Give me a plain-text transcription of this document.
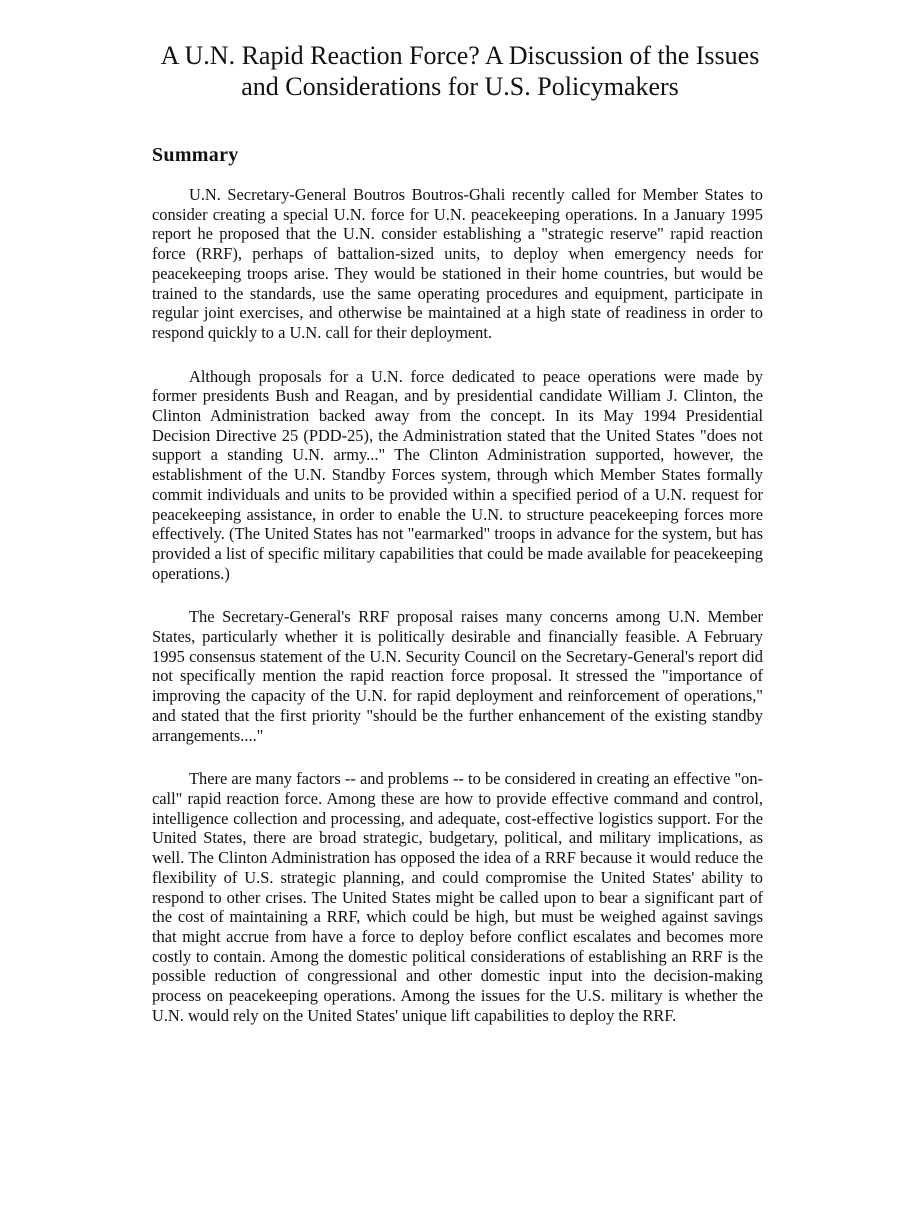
A U.N. Rapid Reaction Force? A Discussion of the Issues
and Considerations for U.S. Policymakers
Summary

U.N. Secretary-General Boutros Boutros-Ghali recently called for Member States to consider creating a special U.N. force for U.N. peacekeeping operations. In a January 1995 report he proposed that the U.N. consider establishing a "strategic reserve" rapid reaction force (RRF), perhaps of battalion-sized units, to deploy when emergency needs for peacekeeping troops arise. They would be stationed in their home countries, but would be trained to the standards, use the same operating procedures and equipment, participate in regular joint exercises, and otherwise be maintained at a high state of readiness in order to respond quickly to a U.N. call for their deployment.

Although proposals for a U.N. force dedicated to peace operations were made by former presidents Bush and Reagan, and by presidential candidate William J. Clinton, the Clinton Administration backed away from the concept. In its May 1994 Presidential Decision Directive 25 (PDD-25), the Administration stated that the United States "does not support a standing U.N. army..." The Clinton Administration supported, however, the establishment of the U.N. Standby Forces system, through which Member States formally commit individuals and units to be provided within a specified period of a U.N. request for peacekeeping assistance, in order to enable the U.N. to structure peacekeeping forces more effectively. (The United States has not "earmarked" troops in advance for the system, but has provided a list of specific military capabilities that could be made available for peacekeeping operations.)

The Secretary-General's RRF proposal raises many concerns among U.N. Member States, particularly whether it is politically desirable and financially feasible. A February 1995 consensus statement of the U.N. Security Council on the Secretary-General's report did not specifically mention the rapid reaction force proposal. It stressed the "importance of improving the capacity of the U.N. for rapid deployment and reinforcement of operations," and stated that the first priority "should be the further enhancement of the existing standby arrangements...."

There are many factors -- and problems -- to be considered in creating an effective "on-call" rapid reaction force. Among these are how to provide effective command and control, intelligence collection and processing, and adequate, cost-effective logistics support. For the United States, there are broad strategic, budgetary, political, and military implications, as well. The Clinton Administration has opposed the idea of a RRF because it would reduce the flexibility of U.S. strategic planning, and could compromise the United States' ability to respond to other crises. The United States might be called upon to bear a significant part of the cost of maintaining a RRF, which could be high, but must be weighed against savings that might accrue from have a force to deploy before conflict escalates and becomes more costly to contain. Among the domestic political considerations of establishing an RRF is the possible reduction of congressional and other domestic input into the decision-making process on peacekeeping operations. Among the issues for the U.S. military is whether the U.N. would rely on the United States' unique lift capabilities to deploy the RRF.
